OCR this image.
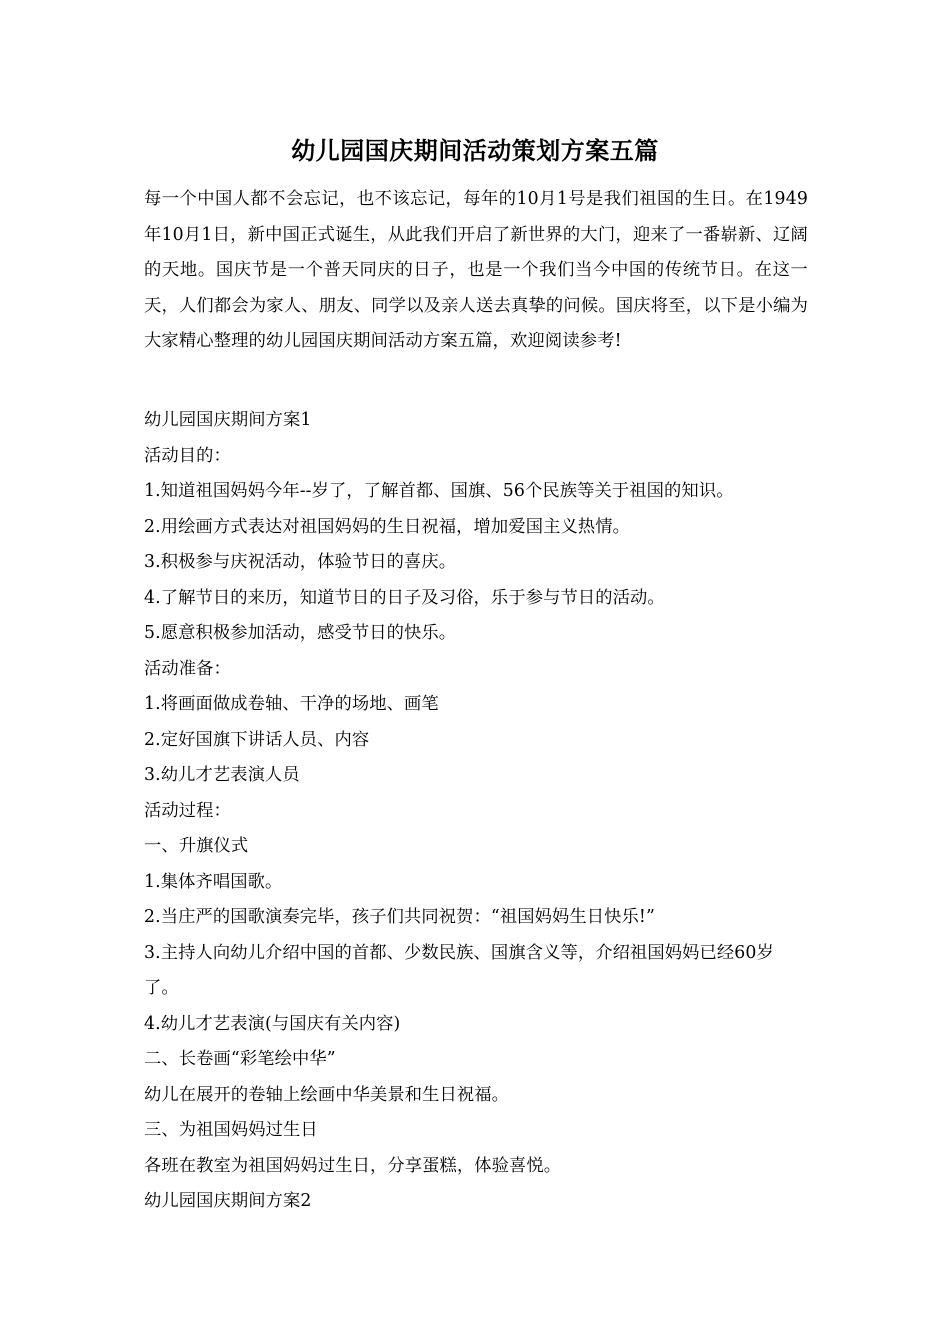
幼儿园国庆期间活动策划方案五篇

每一个中国人都不会忘记，也不该忘记，每年的10月1号是我们祖国的生日。在1949年10月1日，新中国正式诞生，从此我们开启了新世界的大门，迎来了一番崭新、辽阔的天地。国庆节是一个普天同庆的日子，也是一个我们当今中国的传统节日。在这一天，人们都会为家人、朋友、同学以及亲人送去真挚的问候。国庆将至，以下是小编为大家精心整理的幼儿园国庆期间活动方案五篇，欢迎阅读参考!

幼儿园国庆期间方案1

活动目的：

1.知道祖国妈妈今年--岁了，了解首都、国旗、56个民族等关于祖国的知识。

2.用绘画方式表达对祖国妈妈的生日祝福，增加爱国主义热情。

3.积极参与庆祝活动，体验节日的喜庆。

4.了解节日的来历，知道节日的日子及习俗，乐于参与节日的活动。

5.愿意积极参加活动，感受节日的快乐。

活动准备：

1.将画面做成卷轴、干净的场地、画笔

2.定好国旗下讲话人员、内容

3.幼儿才艺表演人员

活动过程：

一、升旗仪式

1.集体齐唱国歌。

2.当庄严的国歌演奏完毕，孩子们共同祝贺：“祖国妈妈生日快乐!”

3.主持人向幼儿介绍中国的首都、少数民族、国旗含义等，介绍祖国妈妈已经60岁了。

4.幼儿才艺表演(与国庆有关内容)

二、长卷画“彩笔绘中华”

幼儿在展开的卷轴上绘画中华美景和生日祝福。

三、为祖国妈妈过生日

各班在教室为祖国妈妈过生日，分享蛋糕，体验喜悦。

幼儿园国庆期间方案2
